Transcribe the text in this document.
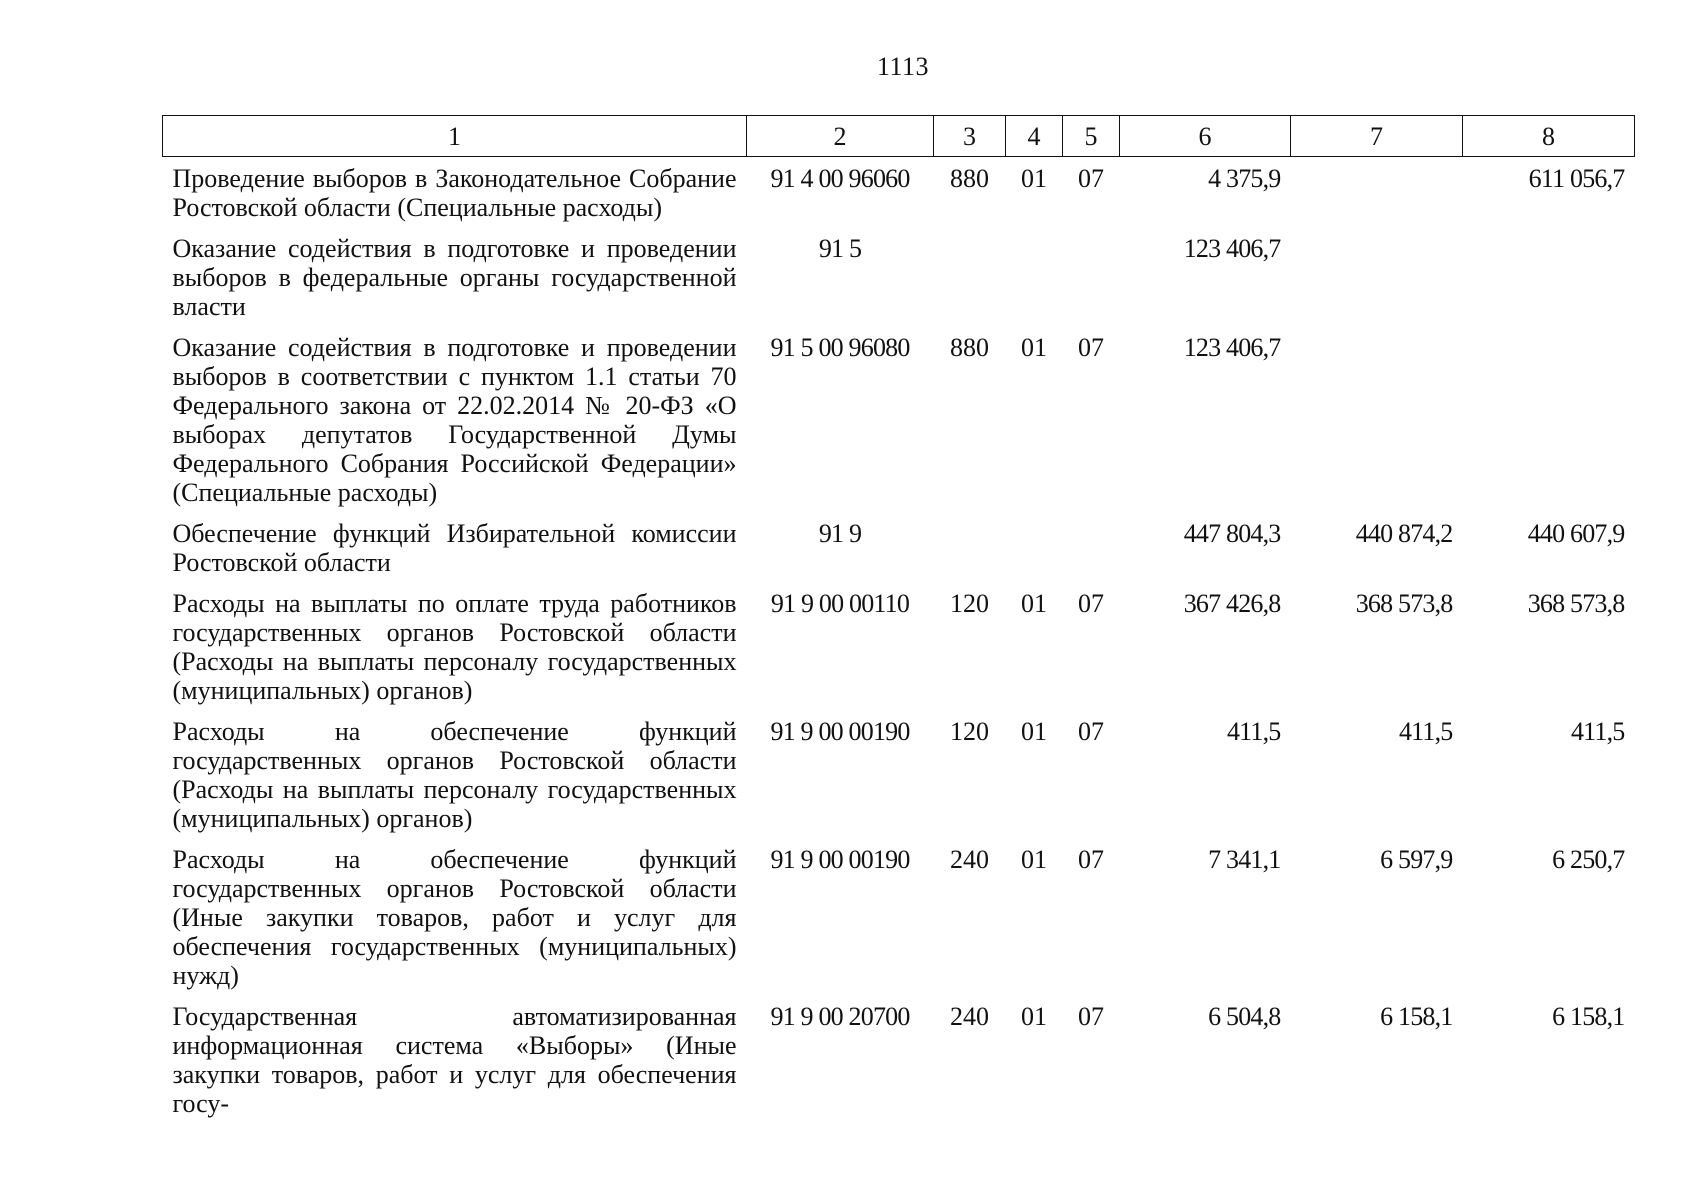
1113
1	2	3	4	5	6	7	8
Проведение выборов в Законодательное Собрание Ростовской области (Специальные расходы)	91 4 00 96060	880	01	07	4 375,9		611 056,7
Оказание содействия в подготовке и проведении выборов в федеральные органы государственной власти	91 5				123 406,7		
Оказание содействия в подготовке и проведении выборов в соответствии с пунктом 1.1 статьи 70 Федерального закона от 22.02.2014 № 20-ФЗ «О выборах депутатов Государственной Думы Федерального Собрания Российской Федерации» (Специальные расходы)	91 5 00 96080	880	01	07	123 406,7		
Обеспечение функций Избирательной комиссии Ростовской области	91 9				447 804,3	440 874,2	440 607,9
Расходы на выплаты по оплате труда работников государственных органов Ростовской области (Расходы на выплаты персоналу государственных (муниципальных) органов)	91 9 00 00110	120	01	07	367 426,8	368 573,8	368 573,8
Расходы на обеспечение функций государственных органов Ростовской области (Расходы на выплаты персоналу государственных (муниципальных) органов)	91 9 00 00190	120	01	07	411,5	411,5	411,5
Расходы на обеспечение функций государственных органов Ростовской области (Иные закупки товаров, работ и услуг для обеспечения государственных (муниципальных) нужд)	91 9 00 00190	240	01	07	7 341,1	6 597,9	6 250,7
Государственная автоматизированная информационная система «Выборы» (Иные закупки товаров, работ и услуг для обеспечения госу-	91 9 00 20700	240	01	07	6 504,8	6 158,1	6 158,1
